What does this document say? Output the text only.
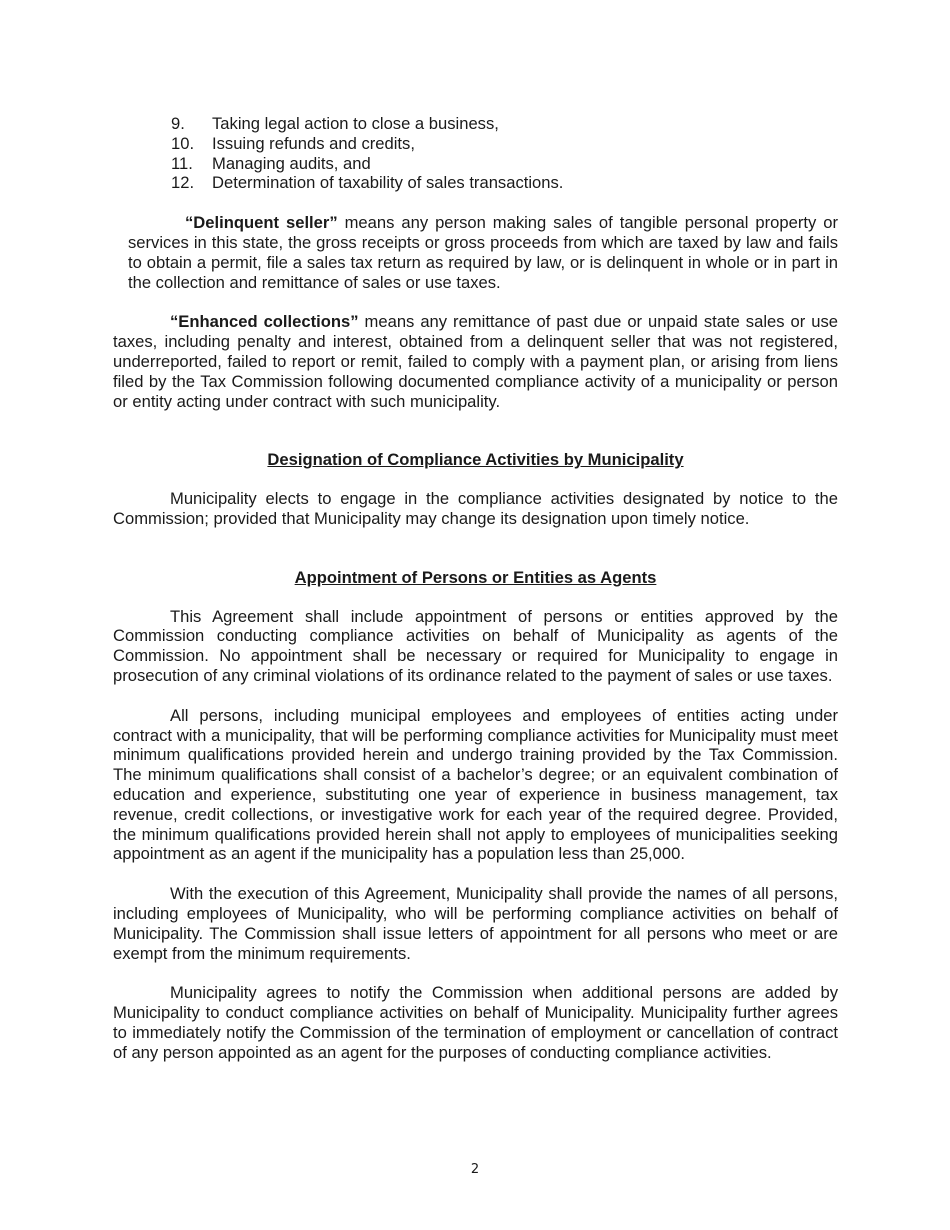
9.	Taking legal action to close a business,
10.	Issuing refunds and credits,
11.	Managing audits, and
12.	Determination of taxability of sales transactions.

“Delinquent seller” means any person making sales of tangible personal property or services in this state, the gross receipts or gross proceeds from which are taxed by law and fails to obtain a permit, file a sales tax return as required by law, or is delinquent in whole or in part in the collection and remittance of sales or use taxes.

“Enhanced collections” means any remittance of past due or unpaid state sales or use taxes, including penalty and interest, obtained from a delinquent seller that was not registered, underreported, failed to report or remit, failed to comply with a payment plan, or arising from liens filed by the Tax Commission following documented compliance activity of a municipality or person or entity acting under contract with such municipality.

Designation of Compliance Activities by Municipality

Municipality elects to engage in the compliance activities designated by notice to the Commission; provided that Municipality may change its designation upon timely notice.

Appointment of Persons or Entities as Agents

This Agreement shall include appointment of persons or entities approved by the Commission conducting compliance activities on behalf of Municipality as agents of the Commission. No appointment shall be necessary or required for Municipality to engage in prosecution of any criminal violations of its ordinance related to the payment of sales or use taxes.

All persons, including municipal employees and employees of entities acting under contract with a municipality, that will be performing compliance activities for Municipality must meet minimum qualifications provided herein and undergo training provided by the Tax Commission. The minimum qualifications shall consist of a bachelor’s degree; or an equivalent combination of education and experience, substituting one year of experience in business management, tax revenue, credit collections, or investigative work for each year of the required degree. Provided, the minimum qualifications provided herein shall not apply to employees of municipalities seeking appointment as an agent if the municipality has a population less than 25,000.

With the execution of this Agreement, Municipality shall provide the names of all persons, including employees of Municipality, who will be performing compliance activities on behalf of Municipality. The Commission shall issue letters of appointment for all persons who meet or are exempt from the minimum requirements.

Municipality agrees to notify the Commission when additional persons are added by Municipality to conduct compliance activities on behalf of Municipality. Municipality further agrees to immediately notify the Commission of the termination of employment or cancellation of contract of any person appointed as an agent for the purposes of conducting compliance activities.

2
